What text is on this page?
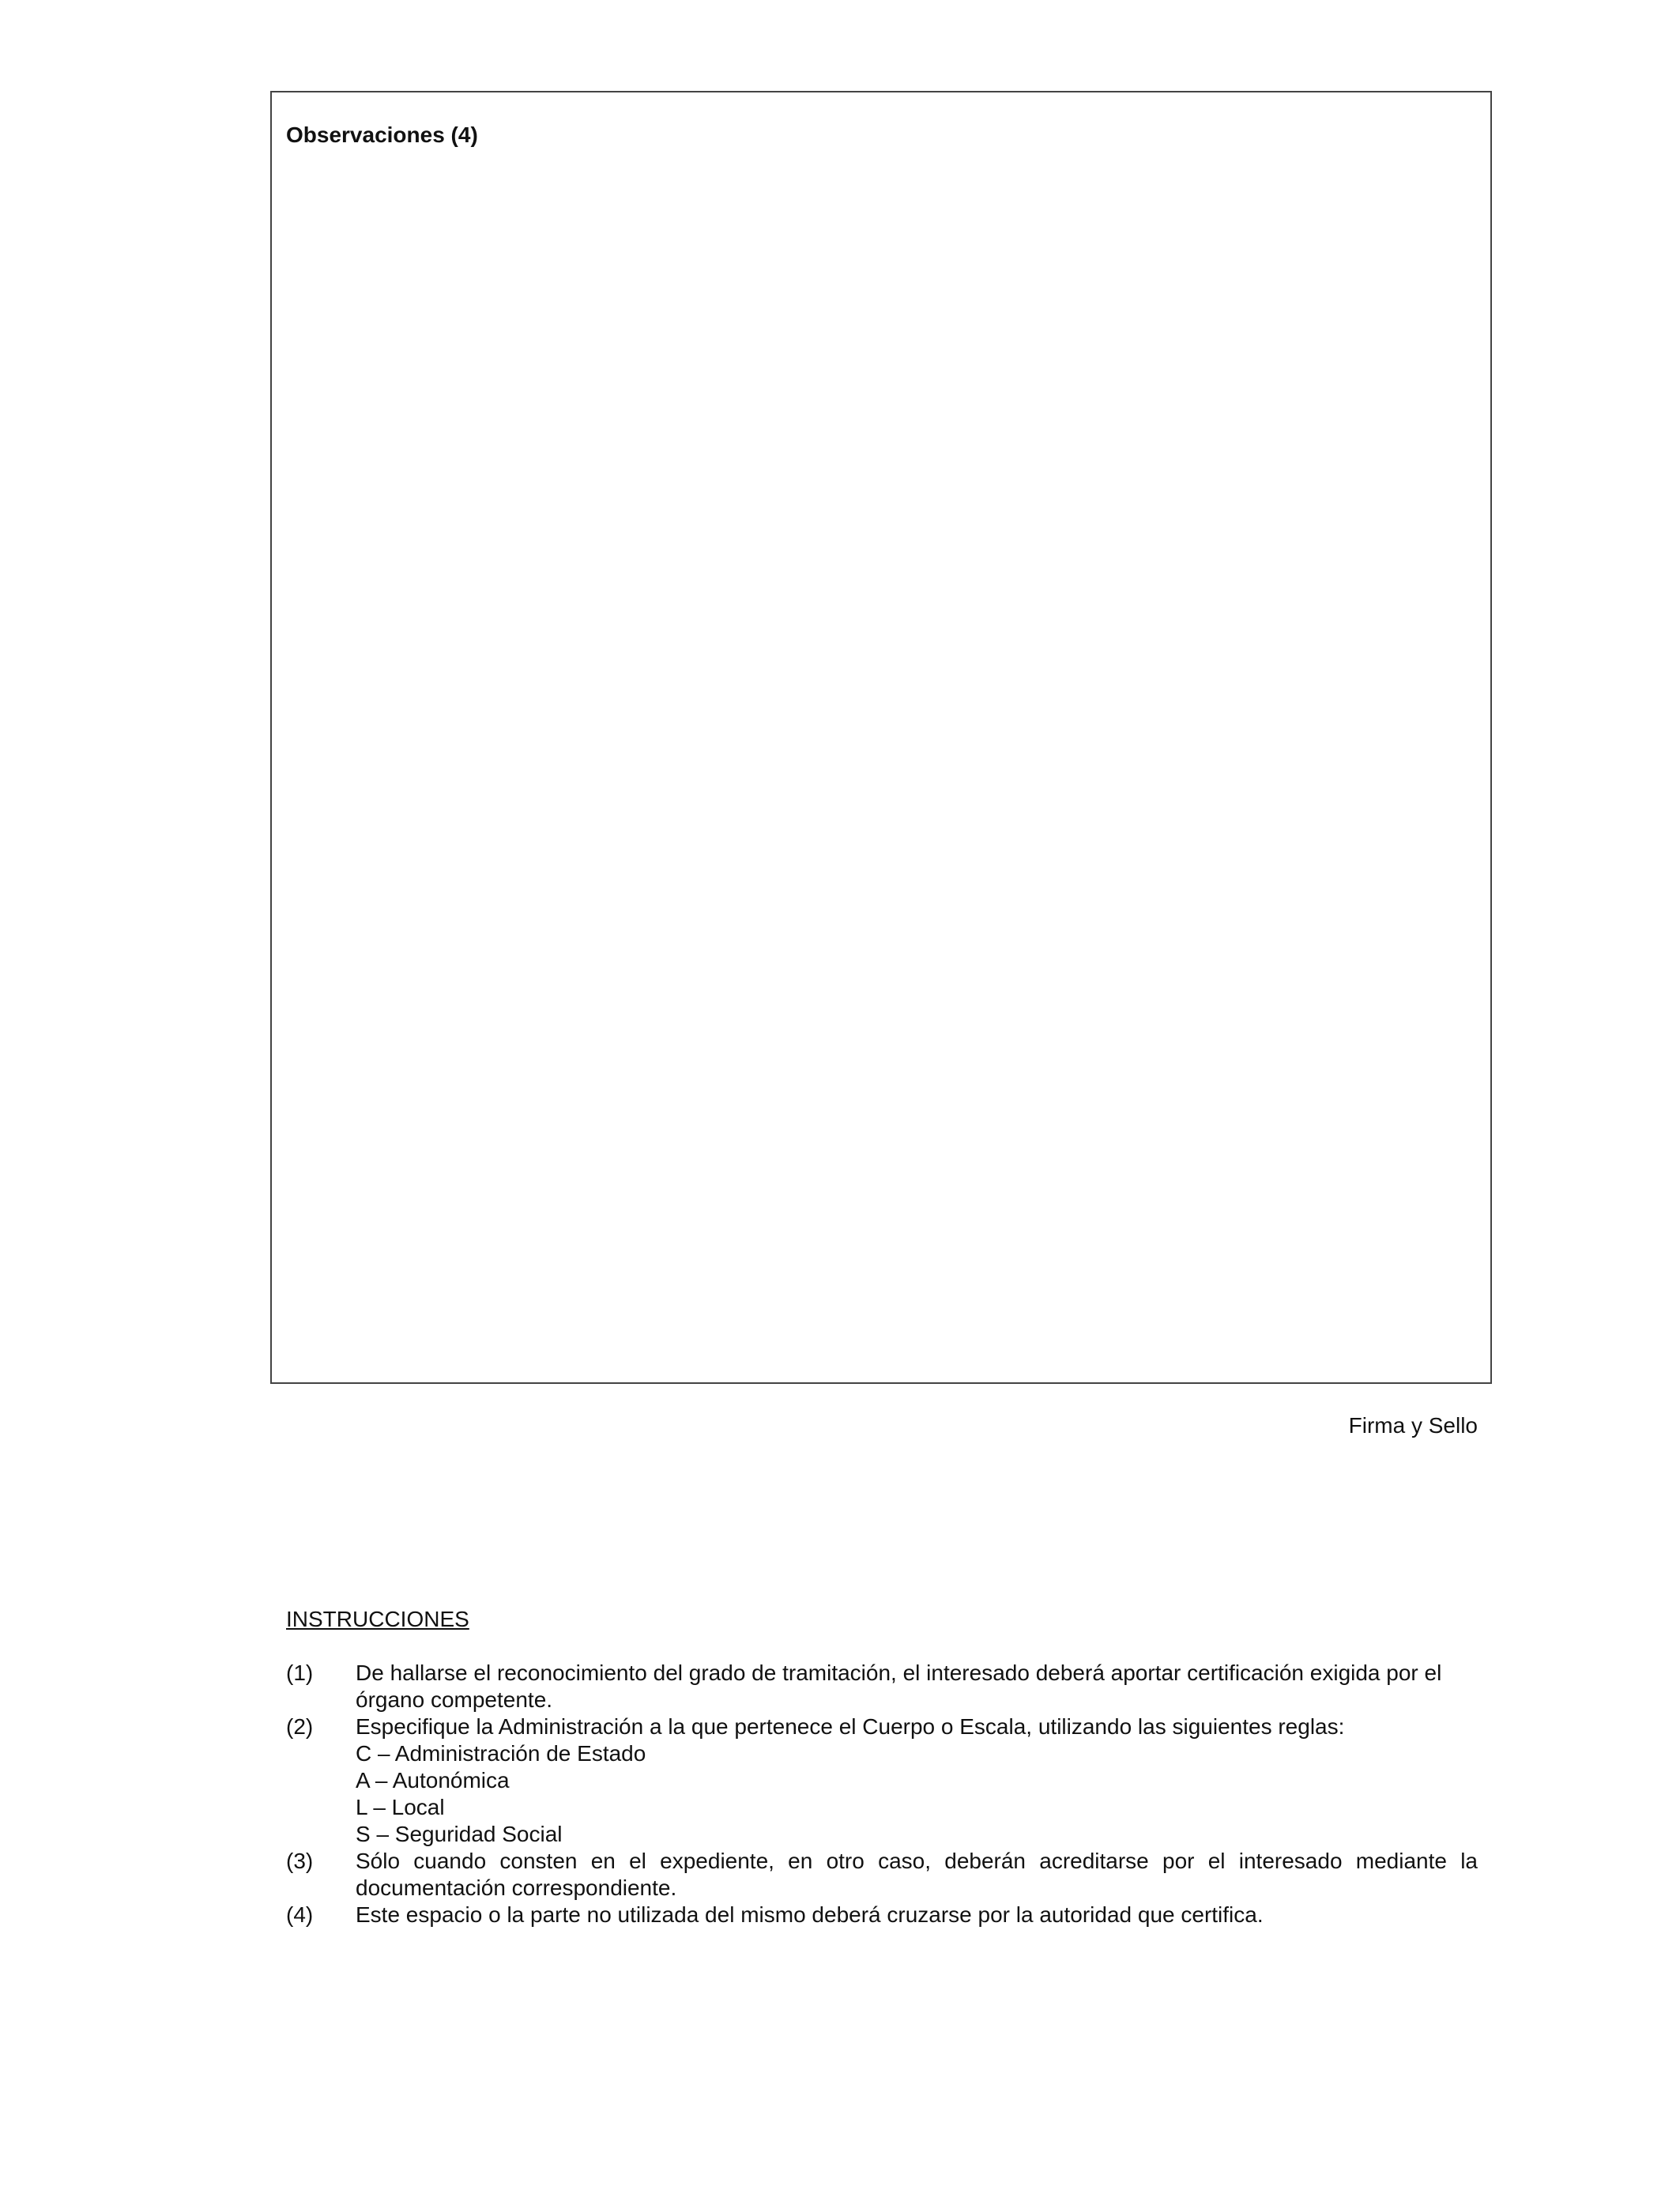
Observaciones (4)
Firma y Sello
INSTRUCCIONES
(1)	De hallarse el reconocimiento del grado de tramitación, el interesado deberá aportar certificación exigida por el órgano competente.
(2)	Especifique la Administración a la que pertenece el Cuerpo o Escala, utilizando las siguientes reglas:
C – Administración de Estado
A – Autonómica
L – Local
S – Seguridad Social
(3)	Sólo cuando consten en el expediente, en otro caso, deberán acreditarse por el interesado mediante la documentación correspondiente.
(4)	Este espacio o la parte no utilizada del mismo deberá cruzarse por la autoridad que certifica.
